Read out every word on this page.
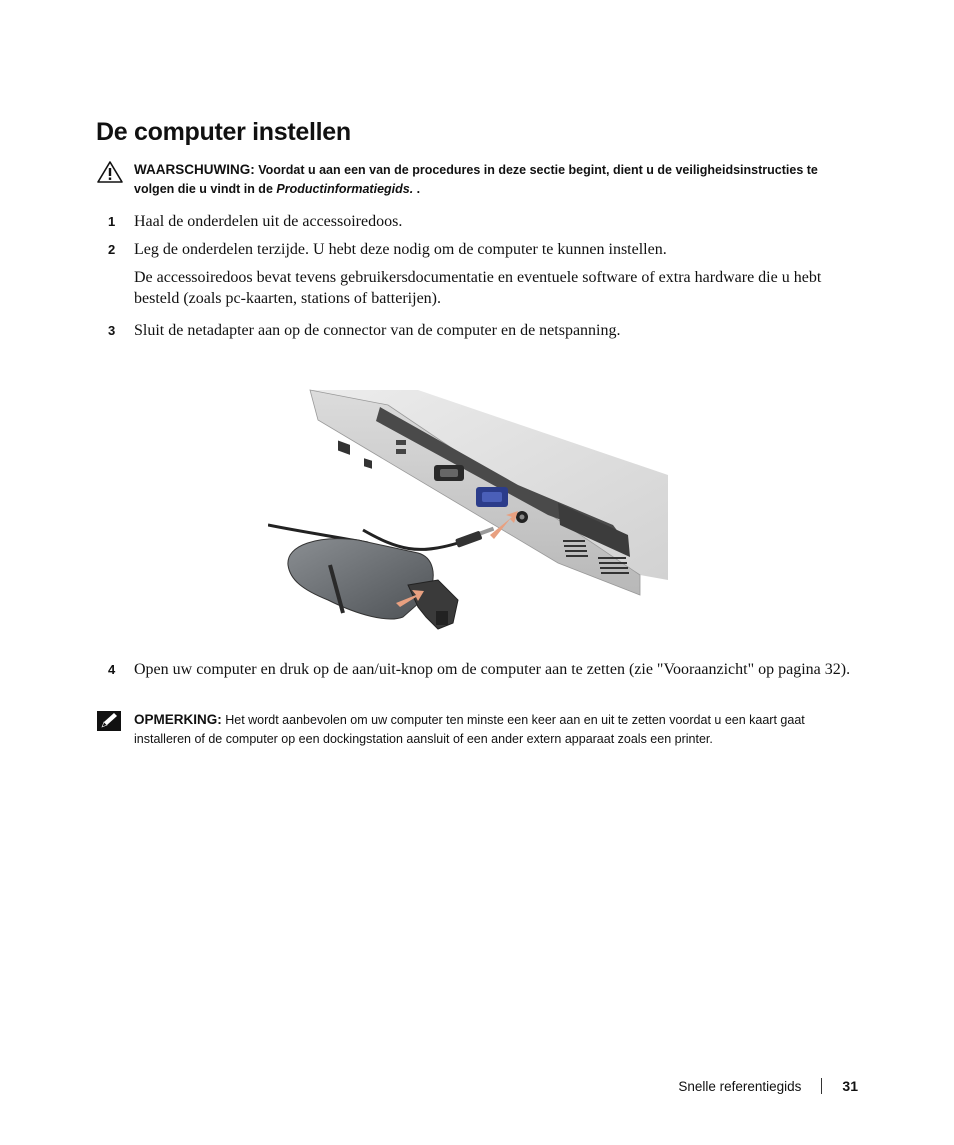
De computer instellen
WAARSCHUWING: Voordat u aan een van de procedures in deze sectie begint, dient u de veiligheidsinstructies te volgen die u vindt in de Productinformatiegids. .
1 Haal de onderdelen uit de accessoiredoos.
2 Leg de onderdelen terzijde. U hebt deze nodig om de computer te kunnen instellen.
De accessoiredoos bevat tevens gebruikersdocumentatie en eventuele software of extra hardware die u hebt besteld (zoals pc-kaarten, stations of batterijen).
3 Sluit de netadapter aan op de connector van de computer en de netspanning.
4 Open uw computer en druk op de aan/uit-knop om de computer aan te zetten (zie "Vooraanzicht" op pagina 32).
OPMERKING: Het wordt aanbevolen om uw computer ten minste een keer aan en uit te zetten voordat u een kaart gaat installeren of de computer op een dockingstation aansluit of een ander extern apparaat zoals een printer.
Snelle referentiegids	31
